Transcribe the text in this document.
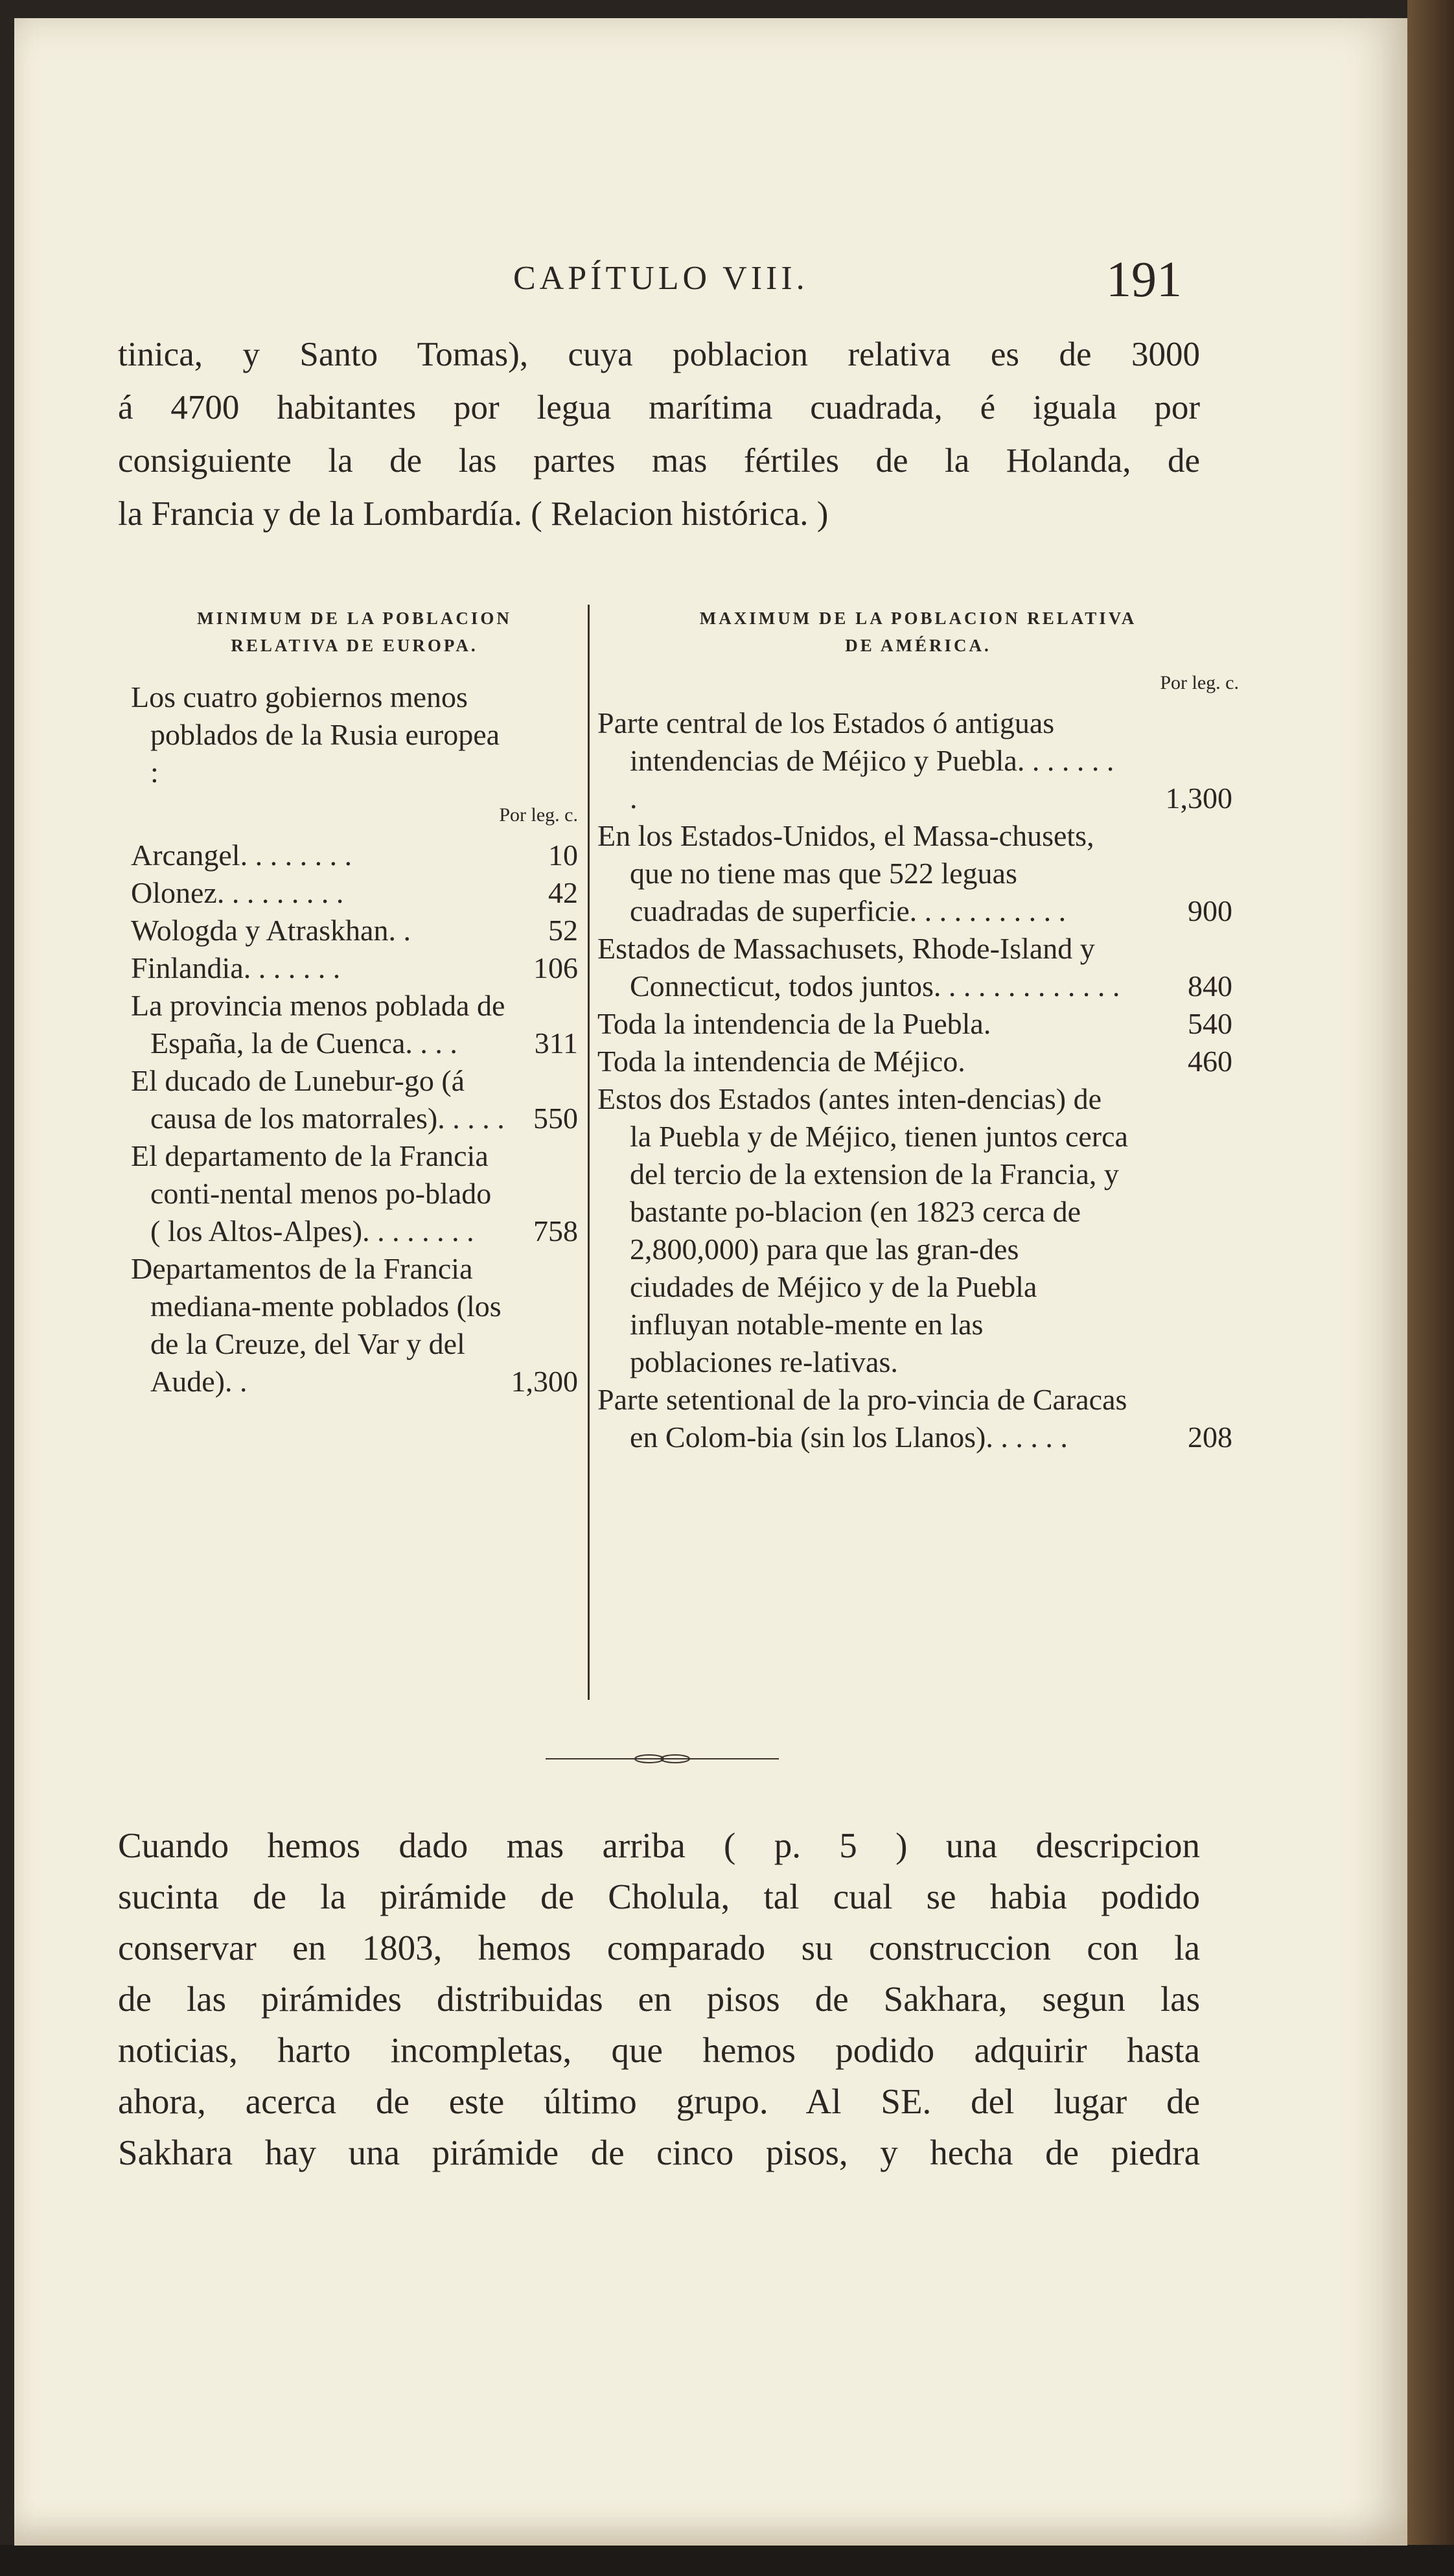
CAPÍTULO VIII.	191
tinica, y Santo Tomas), cuya poblacion relativa es de 3000
á 4700 habitantes por legua marítima cuadrada, é iguala por
consiguiente la de las partes mas fértiles de la Holanda, de
la Francia y de la Lombardía. ( Relacion histórica. )
MINIMUM DE LA POBLACION
RELATIVA DE EUROPA.
Los cuatro gobiernos menos poblados de la Rusia europea :
Por leg. c.
Arcangel. . . . . . . .	10
Olonez. . . . . . . . .	42
Wologda y Atraskhan. .	52
Finlandia. . . . . . .	106
La provincia menos poblada de España, la de Cuenca. . . .	311
El ducado de Lunebur-go (á causa de los matorrales). . . . . 550
El departamento de la Francia conti-nental menos po-blado ( los Altos-Alpes). . . . . . . .	758
Departamentos de la Francia mediana-mente poblados (los de la Creuze, del Var y del Aude). .	1,300
MAXIMUM DE LA POBLACION RELATIVA
DE AMÉRICA.
Por leg. c.
Parte central de los Estados ó antiguas intendencias de Méjico y Puebla. . . . . . . .	1,300
En los Estados-Unidos, el Massa-chusets, que no tiene mas que 522 leguas cuadradas de superficie. . . . . . . . . . .	900
Estados de Massachusets, Rhode-Island y Connecticut, todos juntos. . . . . . . . . . . . .	840
Toda la intendencia de la Puebla.	540
Toda la intendencia de Méjico.	460
Estos dos Estados (antes inten-dencias) de la Puebla y de Méjico, tienen juntos cerca del tercio de la extension de la Francia, y bastante po-blacion (en 1823 cerca de 2,800,000) para que las gran-des ciudades de Méjico y de la Puebla influyan notable-mente en las poblaciones re-lativas.
Parte setentional de la pro-vincia de Caracas en Colom-bia (sin los Llanos). . . . . .	208
Cuando hemos dado mas arriba ( p. 5 ) una descripcion
sucinta de la pirámide de Cholula, tal cual se habia podido
conservar en 1803, hemos comparado su construccion con la
de las pirámides distribuidas en pisos de Sakhara, segun las
noticias, harto incompletas, que hemos podido adquirir hasta
ahora, acerca de este último grupo. Al SE. del lugar de
Sakhara hay una pirámide de cinco pisos, y hecha de piedra
